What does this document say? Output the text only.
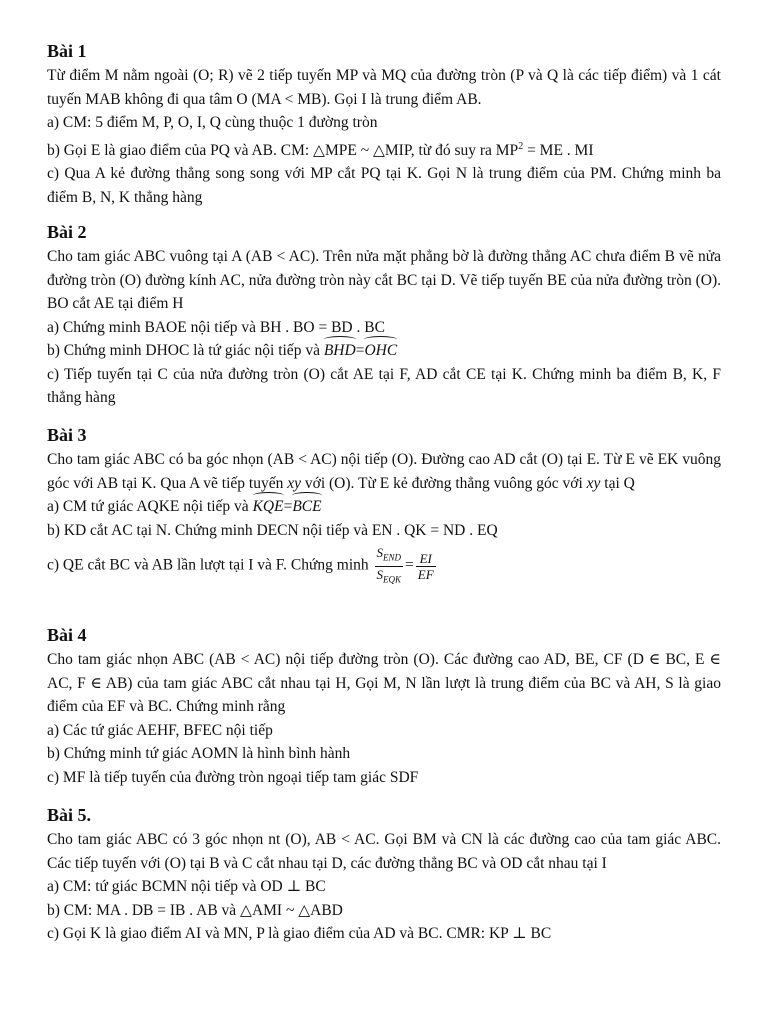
Bài 1

Từ điểm M nằm ngoài (O; R) vẽ 2 tiếp tuyến MP và MQ của đường tròn (P và Q là các tiếp điểm) và 1 cát tuyến MAB không đi qua tâm O (MA < MB). Gọi I là trung điểm AB.

a) CM: 5 điểm M, P, O, I, Q cùng thuộc 1 đường tròn

b) Gọi E là giao điểm của PQ và AB. CM: △MPE ~ △MIP, từ đó suy ra $MP^2$ = ME . MI

c) Qua A kẻ đường thẳng song song với MP cắt PQ tại K. Gọi N là trung điểm của PM. Chứng minh ba điểm B, N, K thẳng hàng

Bài 2

Cho tam giác ABC vuông tại A (AB < AC). Trên nửa mặt phẳng bờ là đường thẳng AC chưa điểm B vẽ nửa đường tròn (O) đường kính AC, nửa đường tròn này cắt BC tại D. Vẽ tiếp tuyến BE của nửa đường tròn (O). BO cắt AE tại điểm H

a) Chứng minh BAOE nội tiếp và BH . BO = BD . BC

b) Chứng minh DHOC là tứ giác nội tiếp và BHD=OHC

c) Tiếp tuyến tại C của nửa đường tròn (O) cắt AE tại F, AD cắt CE tại K. Chứng minh ba điểm B, K, F thẳng hàng

Bài 3

Cho tam giác ABC có ba góc nhọn (AB < AC) nội tiếp (O). Đường cao AD cắt (O) tại E. Từ E vẽ EK vuông góc với AB tại K. Qua A vẽ tiếp tuyến xy với (O). Từ E kẻ đường thẳng vuông góc với xy tại Q

a) CM tứ giác AQKE nội tiếp và KQE=BCE

b) KD cắt AC tại N. Chứng minh DECN nội tiếp và EN . QK = ND . EQ

c) QE cắt BC và AB lần lượt tại I và F. Chứng minh $\frac{S_{END}}{S_{EQK}} = \frac{EI}{EF}$

Bài 4

Cho tam giác nhọn ABC (AB < AC) nội tiếp đường tròn (O). Các đường cao AD, BE, CF (D ∈ BC, E ∈ AC, F ∈ AB) của tam giác ABC cắt nhau tại H, Gọi M, N lần lượt là trung điểm của BC và AH, S là giao điểm của EF và BC. Chứng minh rằng

a) Các tứ giác AEHF, BFEC nội tiếp

b) Chứng minh tứ giác AOMN là hình bình hành

c) MF là tiếp tuyến của đường tròn ngoại tiếp tam giác SDF

Bài 5.

Cho tam giác ABC có 3 góc nhọn nt (O), AB < AC. Gọi BM và CN là các đường cao của tam giác ABC. Các tiếp tuyến với (O) tại B và C cắt nhau tại D, các đường thẳng BC và OD cắt nhau tại I

a) CM: tứ giác BCMN nội tiếp và OD ⊥ BC

b) CM: MA . DB = IB . AB và △AMI ~ △ABD

c) Gọi K là giao điểm AI và MN, P là giao điểm của AD và BC. CMR: KP ⊥ BC
